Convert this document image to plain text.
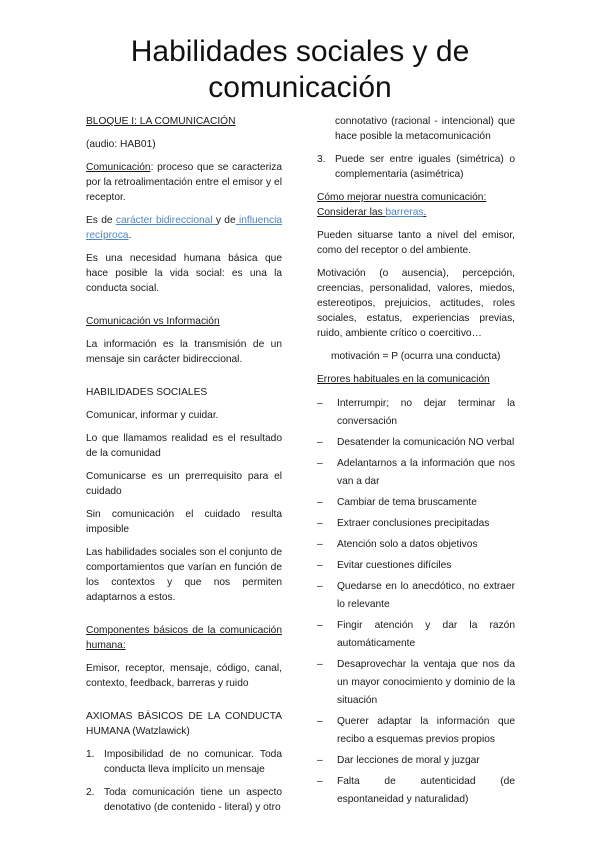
Habilidades sociales y de
comunicación

BLOQUE I: LA COMUNICACIÓN

(audio: HAB01)

Comunicación: proceso que se caracteriza por la retroalimentación entre el emisor y el receptor.

Es de carácter bidireccional y de influencia recíproca.

Es una necesidad humana básica que hace posible la vida social: es una la conducta social.

Comunicación vs Información

La información es la transmisión de un mensaje sin carácter bidireccional.

HABILIDADES SOCIALES

Comunicar, informar y cuidar.

Lo que llamamos realidad es el resultado de la comunidad

Comunicarse es un prerrequisito para el cuidado

Sin comunicación el cuidado resulta imposible

Las habilidades sociales son el conjunto de comportamientos que varían en función de los contextos y que nos permiten adaptarnos a estos.

Componentes básicos de la comunicación humana:

Emisor, receptor, mensaje, código, canal, contexto, feedback, barreras y ruido

AXIOMAS BÁSICOS DE LA CONDUCTA HUMANA (Watzlawick)

1. Imposibilidad de no comunicar. Toda conducta lleva implícito un mensaje
2. Toda comunicación tiene un aspecto denotativo (de contenido - literal) y otro
connotativo (racional - intencional) que hace posible la metacomunicación
3. Puede ser entre iguales (simétrica) o complementaria (asimétrica)

Cómo mejorar nuestra comunicación:

Considerar las barreras.

Pueden situarse tanto a nivel del emisor, como del receptor o del ambiente.

Motivación (o ausencia), percepción, creencias, personalidad, valores, miedos, estereotipos, prejuicios, actitudes, roles sociales, estatus, experiencias previas, ruido, ambiente crítico o coercitivo…

motivación = P (ocurra una conducta)

Errores habituales en la comunicación

– Interrumpir; no dejar terminar la conversación
– Desatender la comunicación NO verbal
– Adelantarnos a la información que nos van a dar
– Cambiar de tema bruscamente
– Extraer conclusiones precipitadas
– Atención solo a datos objetivos
– Evitar cuestiones difíciles
– Quedarse en lo anecdótico, no extraer lo relevante
– Fingir atención y dar la razón automáticamente
– Desaprovechar la ventaja que nos da un mayor conocimiento y dominio de la situación
– Querer adaptar la información que recibo a esquemas previos propios
– Dar lecciones de moral y juzgar
– Falta de autenticidad (de espontaneidad y naturalidad)
